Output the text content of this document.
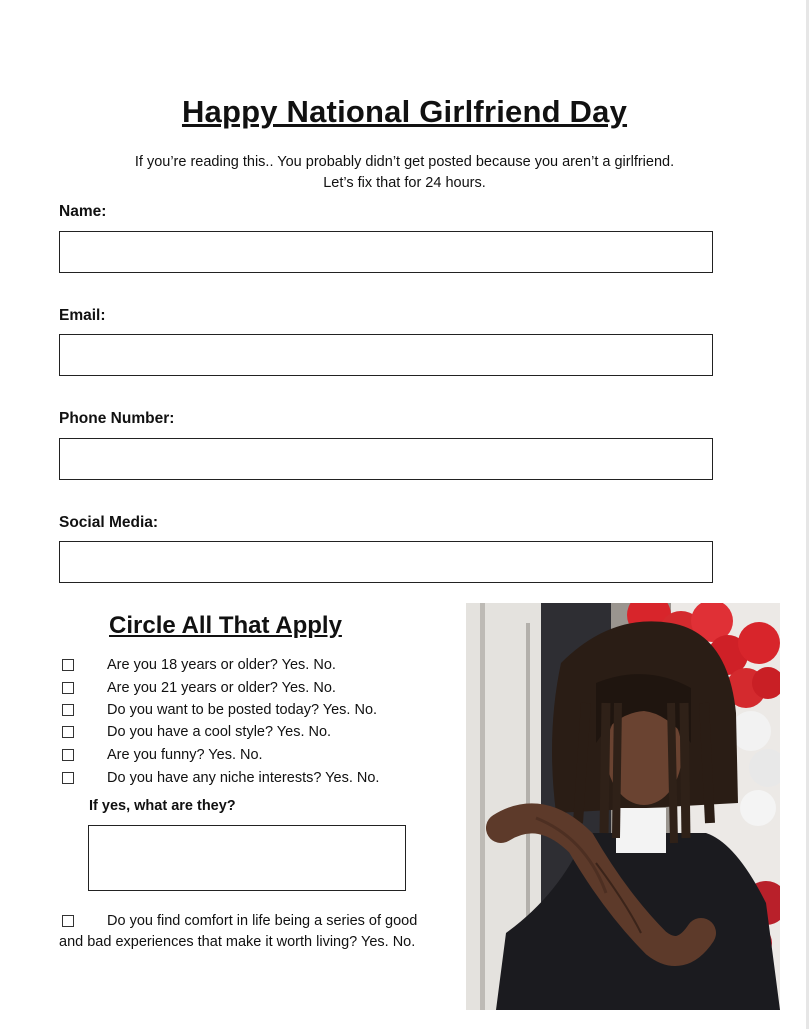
Happy National Girlfriend Day
If you’re reading this.. You probably didn’t get posted because you aren’t a girlfriend.
Let’s fix that for 24 hours.
Name:
Email:
Phone Number:
Social Media:
Circle All That Apply
Are you 18 years or older? Yes. No.
Are you 21 years or older? Yes. No.
Do you want to be posted today? Yes. No.
Do you have a cool style? Yes. No.
Are you funny? Yes. No.
Do you have any niche interests? Yes. No.
If yes, what are they?
Do you find comfort in life being a series of good
and bad experiences that make it worth living? Yes. No.
